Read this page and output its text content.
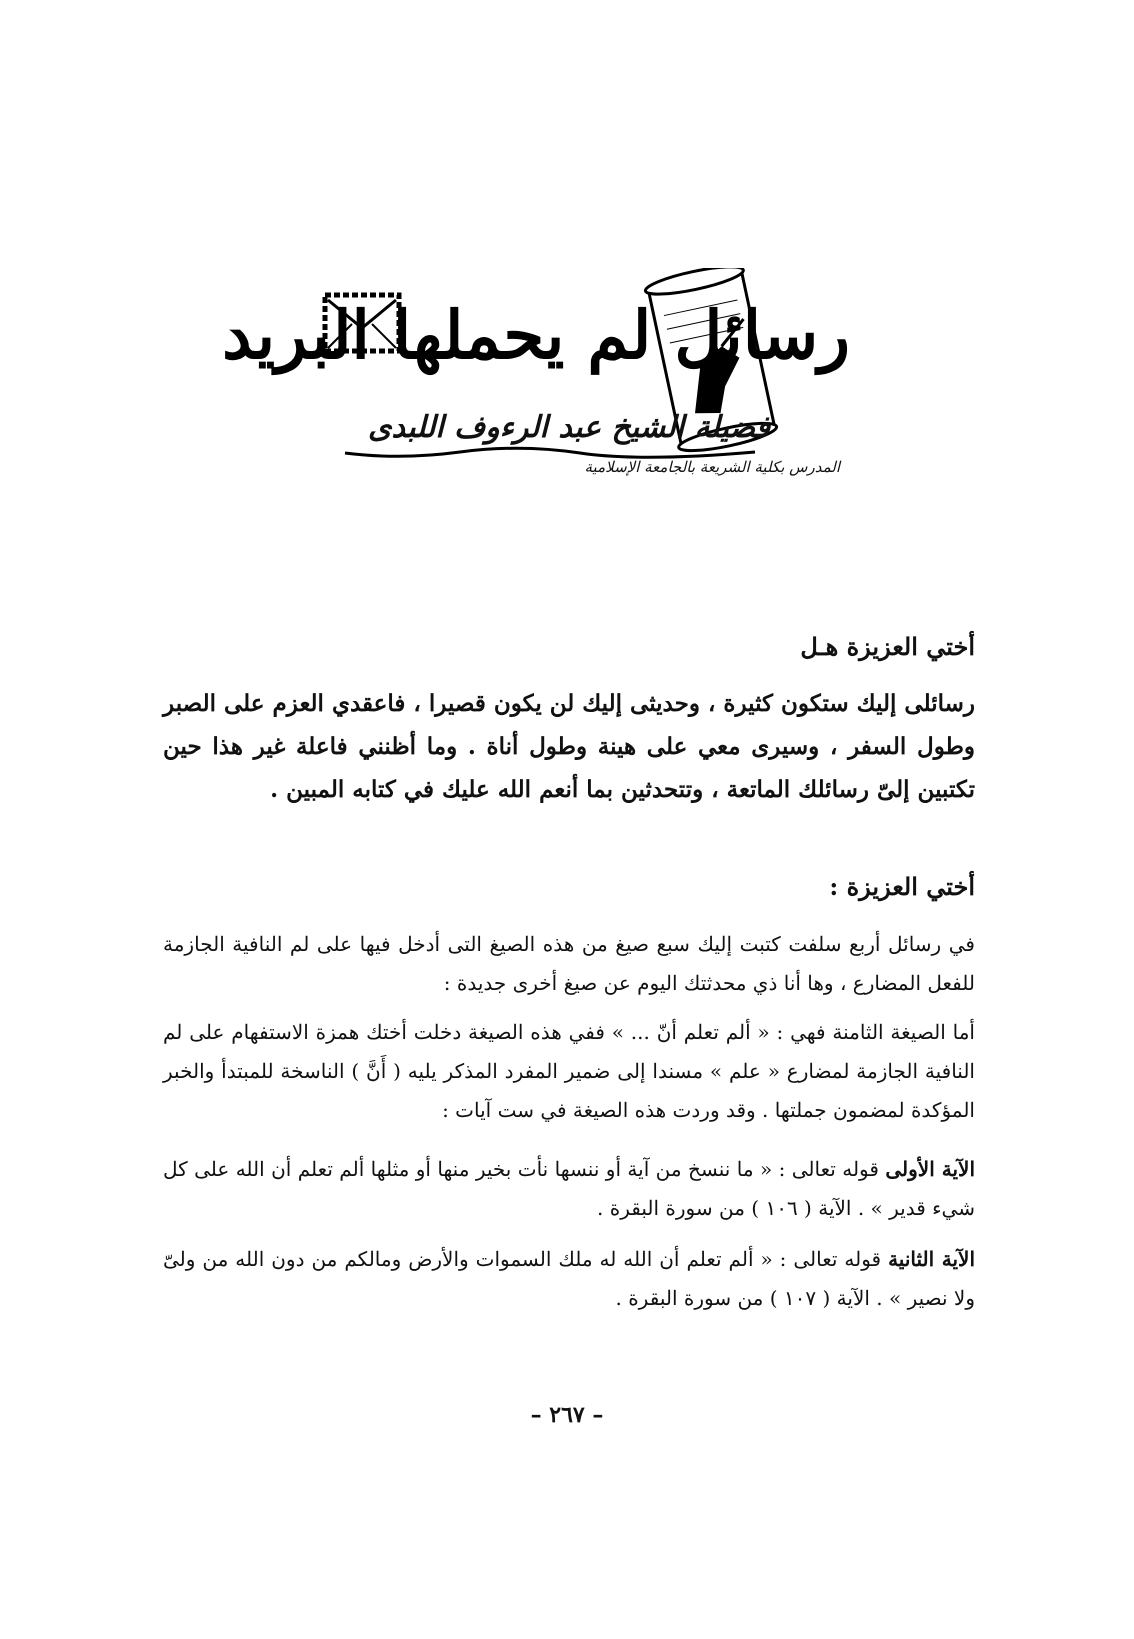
رسائل لم يحملها البريد
فضيلة الشيخ عبد الرءوف اللبدى
المدرس بكلية الشريعة بالجامعة الإسلامية
أختي العزيزة هـل
رسائلى إليك ستكون كثيرة ، وحديثى إليك لن يكون قصيرا ، فاعقدي العزم على الصبر وطول السفر ، وسيرى معي على هينة وطول أناة . وما أظنني فاعلة غير هذا حين تكتبين إلىّ رسائلك الماتعة ، وتتحدثين بما أنعم الله عليك في كتابه المبين .
أختي العزيزة :
في رسائل أربع سلفت كتبت إليك سبع صيغ من هذه الصيغ التى أدخل فيها على لم النافية الجازمة للفعل المضارع ، وها أنا ذي محدثتك اليوم عن صيغ أخرى جديدة :
أما الصيغة الثامنة فهي : « ألم تعلم أنّ ... » ففي هذه الصيغة دخلت أختك همزة الاستفهام على لم النافية الجازمة لمضارع « علم » مسندا إلى ضمير المفرد المذكر يليه ( أَنَّ ) الناسخة للمبتدأ والخبر المؤكدة لمضمون جملتها . وقد وردت هذه الصيغة في ست آيات :
الآية الأولى قوله تعالى : « ما ننسخ من آية أو ننسها نأت بخير منها أو مثلها ألم تعلم أن الله على كل شيء قدير » . الآية ( ١٠٦ ) من سورة البقرة .
الآية الثانية قوله تعالى : « ألم تعلم أن الله له ملك السموات والأرض ومالكم من دون الله من ولىّ ولا نصير » . الآية ( ١٠٧ ) من سورة البقرة .
– ٢٦٧ –
